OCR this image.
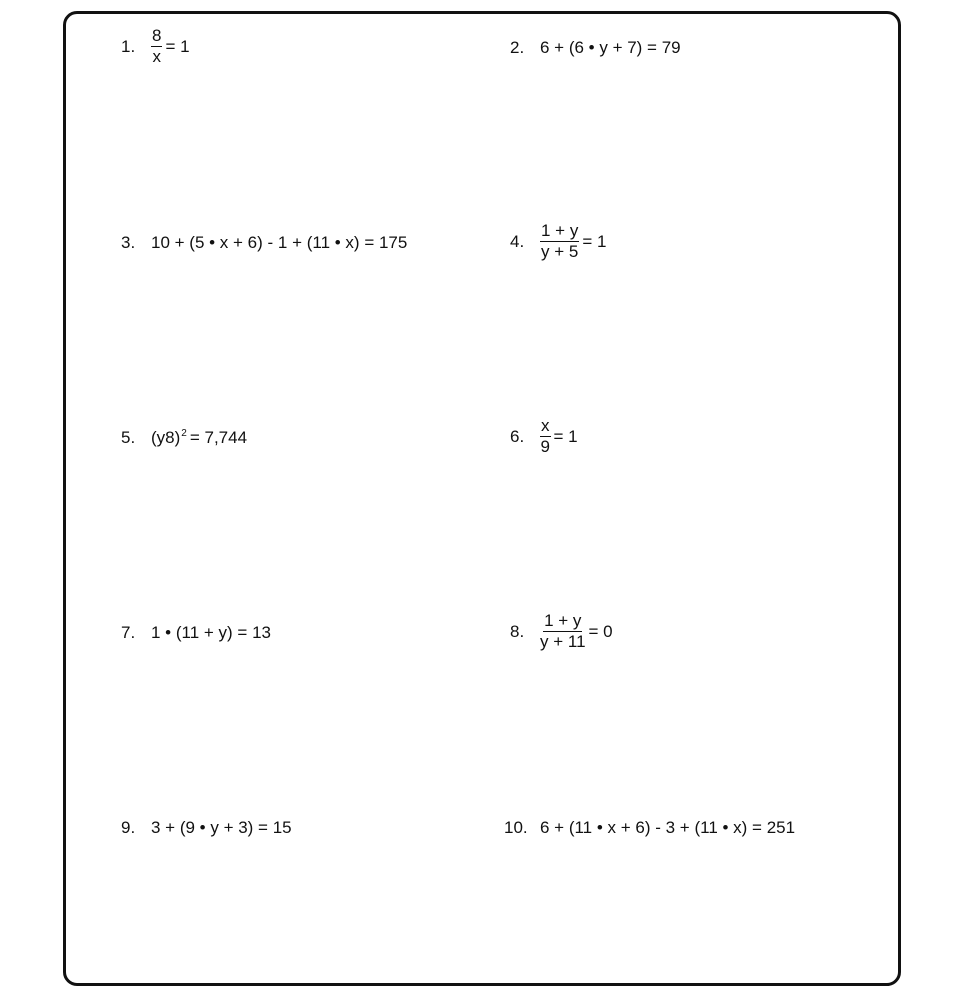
1. $\frac{8}{x} = 1$	2. 6 + (6 • y + 7) = 79
3. 10 + (5 • x + 6) - 1 + (11 • x) = 175	4. $\frac{1 + y}{y + 5} = 1$
5. $(y8)^2 = 7,744$	6. $\frac{x}{9} = 1$
7. 1 • (11 + y) = 13	8. $\frac{1 + y}{y + 11} = 0$
9. 3 + (9 • y + 3) = 15	10. 6 + (11 • x + 6) - 3 + (11 • x) = 251
